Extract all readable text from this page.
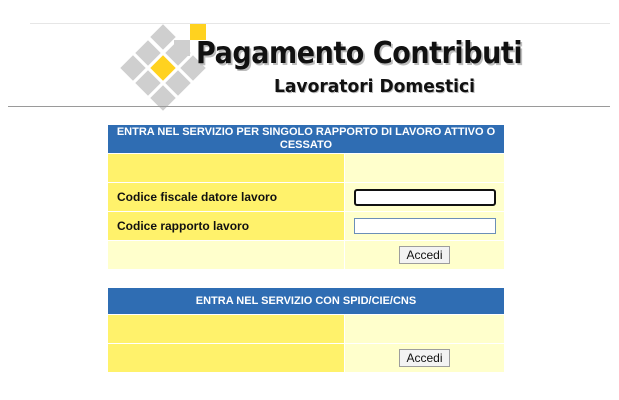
Pagamento Contributi
Lavoratori Domestici
ENTRA NEL SERVIZIO PER SINGOLO RAPPORTO DI LAVORO ATTIVO O CESSATO
Codice fiscale datore lavoro
Codice rapporto lavoro
Accedi
ENTRA NEL SERVIZIO CON SPID/CIE/CNS
Accedi
